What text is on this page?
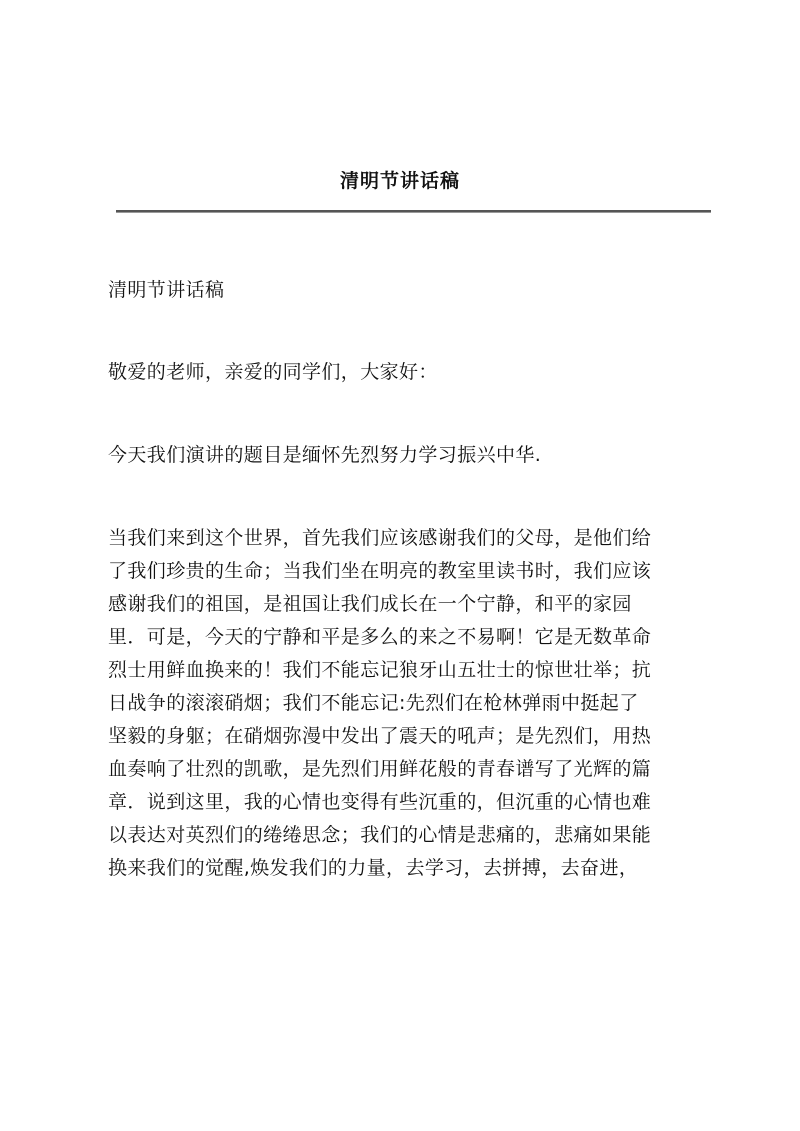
清明节讲话稿

清明节讲话稿

敬爱的老师，亲爱的同学们，大家好：

今天我们演讲的题目是缅怀先烈努力学习振兴中华.

当我们来到这个世界，首先我们应该感谢我们的父母，是他们给
了我们珍贵的生命；当我们坐在明亮的教室里读书时，我们应该
感谢我们的祖国，是祖国让我们成长在一个宁静，和平的家园
里．可是，今天的宁静和平是多么的来之不易啊！它是无数革命
烈士用鲜血换来的！我们不能忘记狼牙山五壮士的惊世壮举；抗
日战争的滚滚硝烟；我们不能忘记:先烈们在枪林弹雨中挺起了
坚毅的身躯；在硝烟弥漫中发出了震天的吼声；是先烈们，用热
血奏响了壮烈的凯歌，是先烈们用鲜花般的青春谱写了光辉的篇
章．说到这里，我的心情也变得有些沉重的，但沉重的心情也难
以表达对英烈们的绻绻思念；我们的心情是悲痛的，悲痛如果能
换来我们的觉醒,焕发我们的力量，去学习，去拼搏，去奋进，
